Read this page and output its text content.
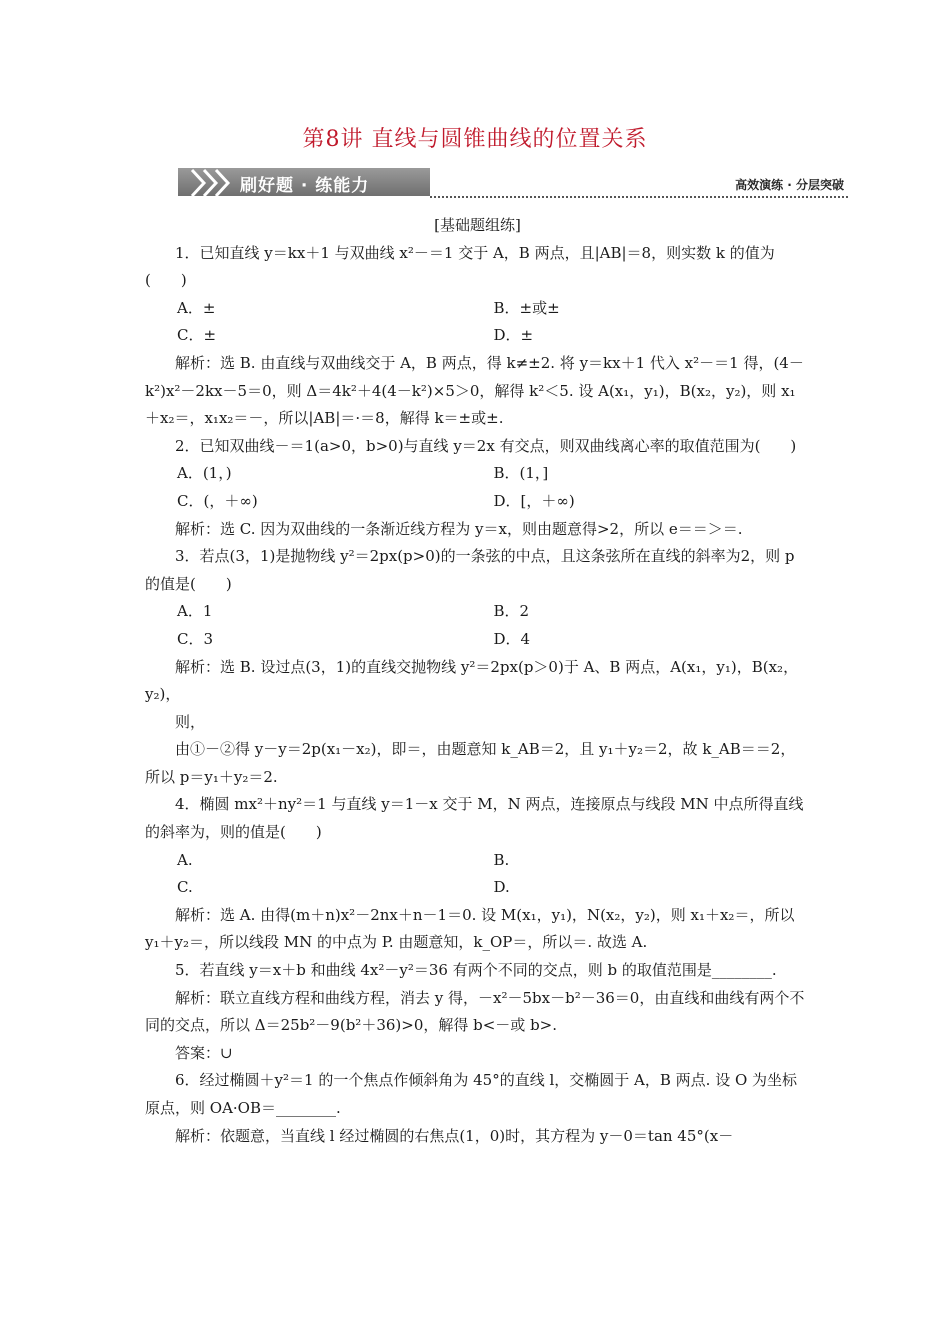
第8讲 直线与圆锥曲线的位置关系
刷好题 · 练能力	高效演练 · 分层突破
[基础题组练]
1．已知直线 y＝kx＋1 与双曲线 x²－＝1 交于 A，B 两点，且|AB|＝8，则实数 k 的值为(　　)
A．±	B．±或±
C．±	D．±
解析：选 B. 由直线与双曲线交于 A，B 两点，得 k≠±2. 将 y＝kx＋1 代入 x²－＝1 得，(4－k²)x²－2kx－5＝0，则 Δ＝4k²＋4(4－k²)×5＞0，解得 k²＜5. 设 A(x₁，y₁)，B(x₂，y₂)，则 x₁＋x₂＝，x₁x₂＝－，所以|AB|＝·＝8，解得 k＝±或±.
2．已知双曲线－＝1(a>0，b>0)与直线 y＝2x 有交点，则双曲线离心率的取值范围为(　　)
A．(1，)	B．(1，]
C．(，＋∞)	D．[，＋∞)
解析：选 C. 因为双曲线的一条渐近线方程为 y＝x，则由题意得>2，所以 e＝＝＞＝.
3．若点(3，1)是抛物线 y²＝2px(p>0)的一条弦的中点，且这条弦所在直线的斜率为2，则 p 的值是(　　)
A．1	B．2
C．3	D．4
解析：选 B. 设过点(3，1)的直线交抛物线 y²＝2px(p＞0)于 A、B 两点，A(x₁，y₁)，B(x₂，y₂)，
则，
由①－②得 y－y＝2p(x₁－x₂)，即＝，由题意知 k_AB＝2，且 y₁＋y₂＝2，故 k_AB＝＝2，所以 p＝y₁＋y₂＝2.
4．椭圆 mx²＋ny²＝1 与直线 y＝1－x 交于 M，N 两点，连接原点与线段 MN 中点所得直线的斜率为，则的值是(　　)
A.	B.
C.	D.
解析：选 A. 由得(m＋n)x²－2nx＋n－1＝0. 设 M(x₁，y₁)，N(x₂，y₂)，则 x₁＋x₂＝，所以 y₁＋y₂＝，所以线段 MN 的中点为 P. 由题意知，k_OP＝，所以＝. 故选 A.
5．若直线 y＝x＋b 和曲线 4x²－y²＝36 有两个不同的交点，则 b 的取值范围是________.
解析：联立直线方程和曲线方程，消去 y 得，－x²－5bx－b²－36＝0，由直线和曲线有两个不同的交点，所以 Δ＝25b²－9(b²＋36)>0，解得 b<－或 b>.
答案：∪
6．经过椭圆＋y²＝1 的一个焦点作倾斜角为 45°的直线 l，交椭圆于 A，B 两点. 设 O 为坐标原点，则 OA·OB＝________.
解析：依题意，当直线 l 经过椭圆的右焦点(1，0)时，其方程为 y－0＝tan 45°(x－
